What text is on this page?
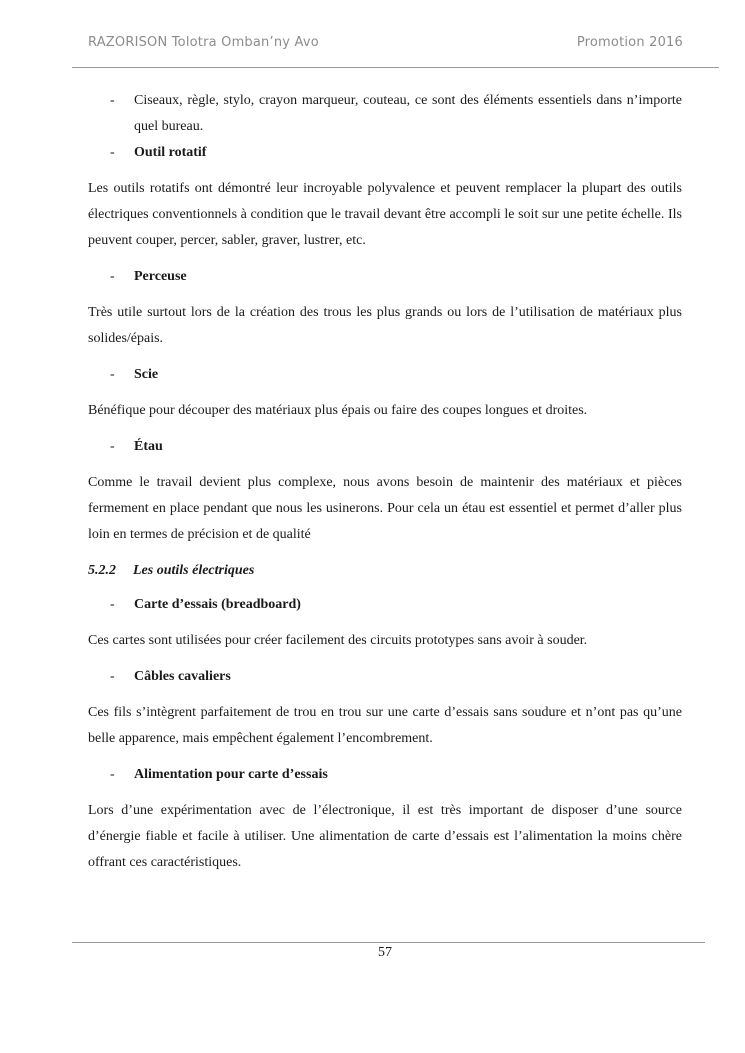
RAZORISON Tolotra Omban’ny Avo	Promotion 2016
- Ciseaux, règle, stylo, crayon marqueur, couteau, ce sont des éléments essentiels dans n’importe quel bureau.
- Outil rotatif
Les outils rotatifs ont démontré leur incroyable polyvalence et peuvent remplacer la plupart des outils électriques conventionnels à condition que le travail devant être accompli le soit sur une petite échelle. Ils peuvent couper, percer, sabler, graver, lustrer, etc.
- Perceuse
Très utile surtout lors de la création des trous les plus grands ou lors de l’utilisation de matériaux plus solides/épais.
- Scie
Bénéfique pour découper des matériaux plus épais ou faire des coupes longues et droites.
- Étau
Comme le travail devient plus complexe, nous avons besoin de maintenir des matériaux et pièces fermement en place pendant que nous les usinerons. Pour cela un étau est essentiel et permet d’aller plus loin en termes de précision et de qualité
5.2.2 Les outils électriques
- Carte d’essais (breadboard)
Ces cartes sont utilisées pour créer facilement des circuits prototypes sans avoir à souder.
- Câbles cavaliers
Ces fils s’intègrent parfaitement de trou en trou sur une carte d’essais sans soudure et n’ont pas qu’une belle apparence, mais empêchent également l’encombrement.
- Alimentation pour carte d’essais
Lors d’une expérimentation avec de l’électronique, il est très important de disposer d’une source d’énergie fiable et facile à utiliser. Une alimentation de carte d’essais est l’alimentation la moins chère offrant ces caractéristiques.
57
